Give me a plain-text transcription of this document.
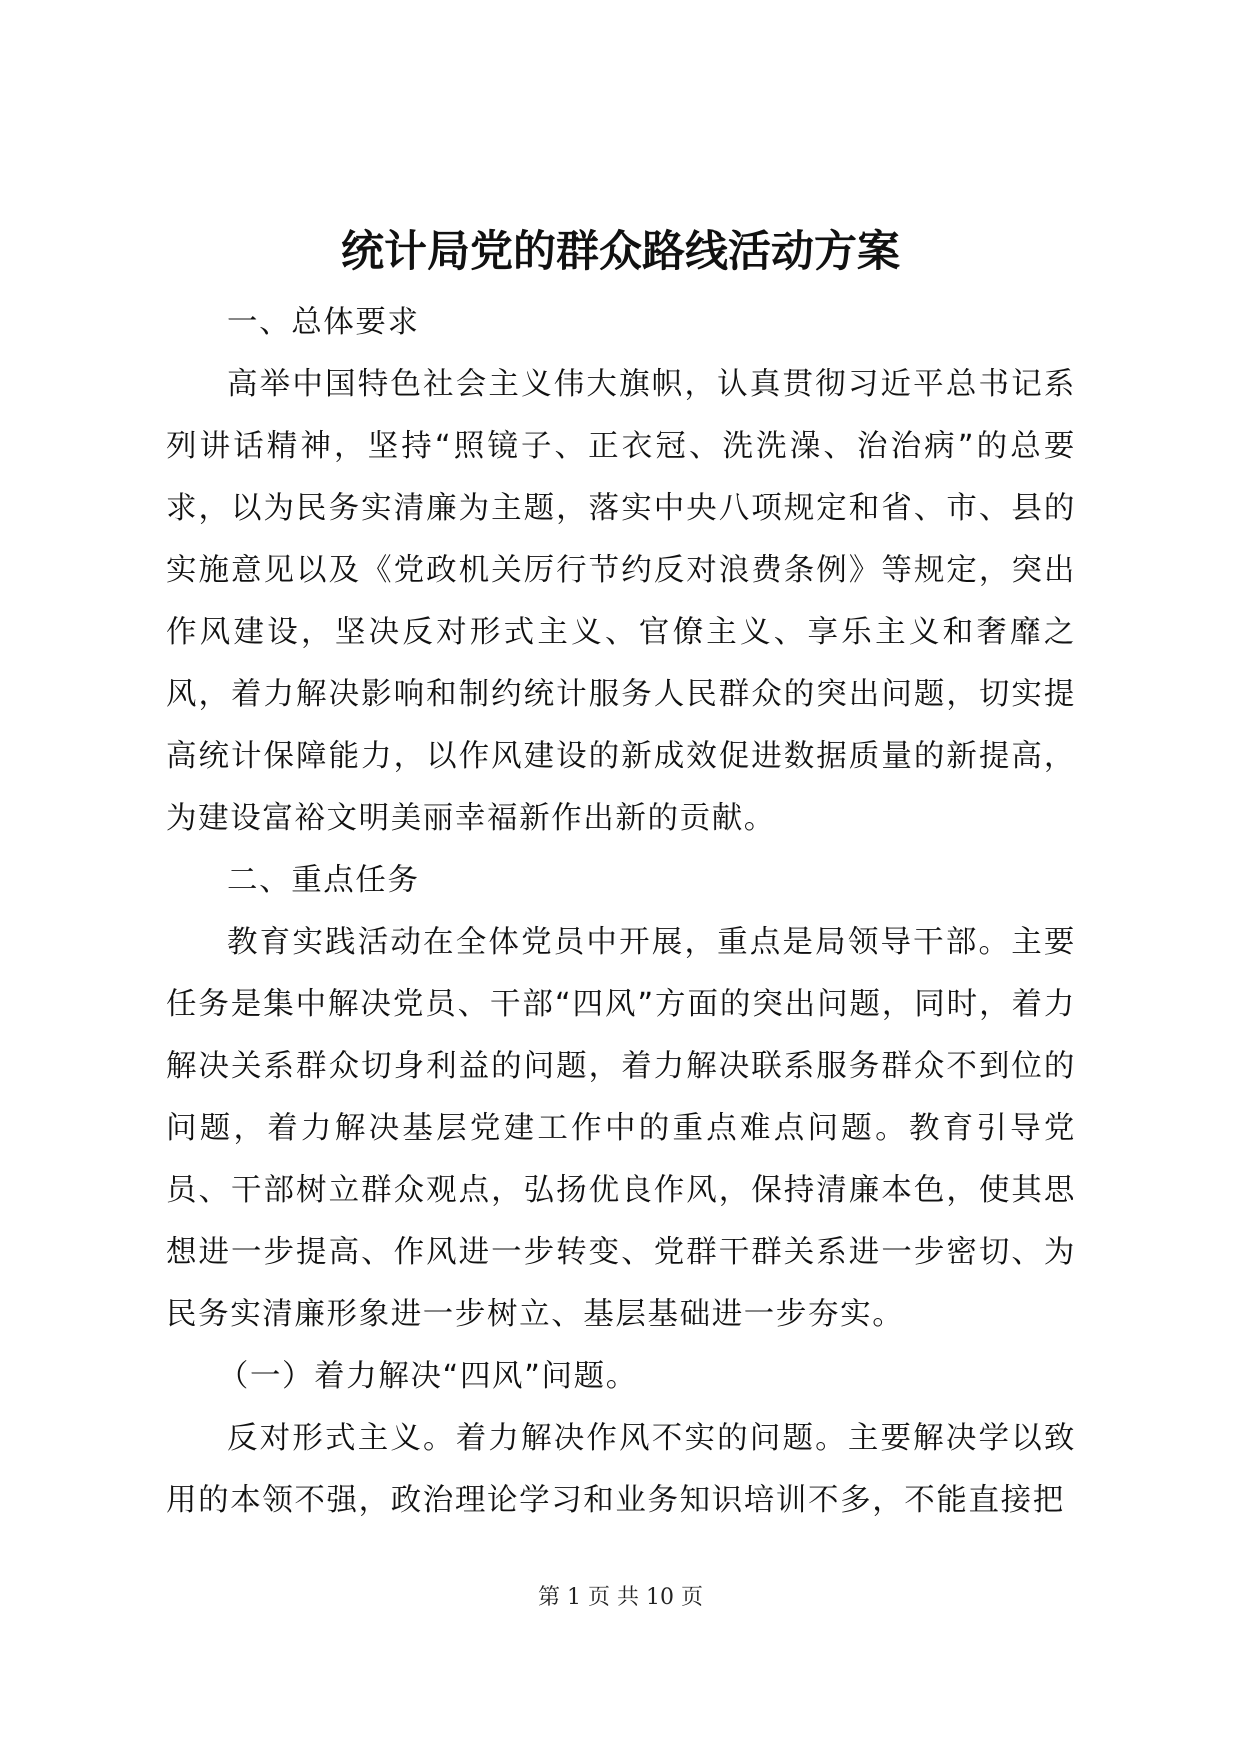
统计局党的群众路线活动方案

一、总体要求

高举中国特色社会主义伟大旗帜，认真贯彻习近平总书记系列讲话精神，坚持“照镜子、正衣冠、洗洗澡、治治病”的总要求，以为民务实清廉为主题，落实中央八项规定和省、市、县的实施意见以及《党政机关厉行节约反对浪费条例》等规定，突出作风建设，坚决反对形式主义、官僚主义、享乐主义和奢靡之风，着力解决影响和制约统计服务人民群众的突出问题，切实提高统计保障能力，以作风建设的新成效促进数据质量的新提高，为建设富裕文明美丽幸福新作出新的贡献。

二、重点任务

教育实践活动在全体党员中开展，重点是局领导干部。主要任务是集中解决党员、干部“四风”方面的突出问题，同时，着力解决关系群众切身利益的问题，着力解决联系服务群众不到位的问题，着力解决基层党建工作中的重点难点问题。教育引导党员、干部树立群众观点，弘扬优良作风，保持清廉本色，使其思想进一步提高、作风进一步转变、党群干群关系进一步密切、为民务实清廉形象进一步树立、基层基础进一步夯实。

（一）着力解决“四风”问题。

反对形式主义。着力解决作风不实的问题。主要解决学以致用的本领不强，政治理论学习和业务知识培训不多，不能直接把

第 1 页 共 10 页
